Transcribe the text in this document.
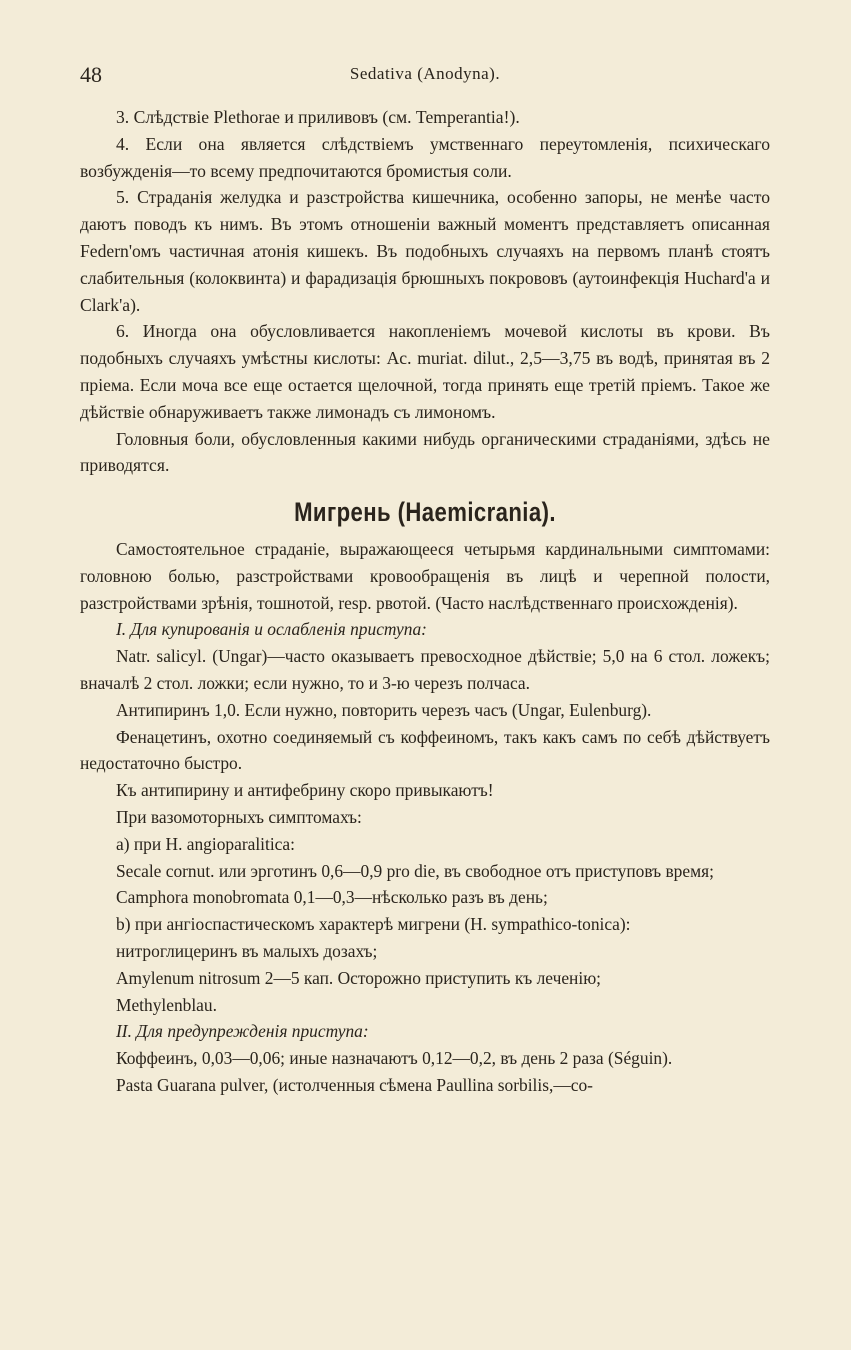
48	Sedativa (Anodyna).

3. Слѣдствіе Plethorae и приливовъ (см. Temperantia!).

4. Если она является слѣдствіемъ умственнаго переутомленія, психическаго возбужденія—то всему предпочитаются бромистыя соли.

5. Страданія желудка и разстройства кишечника, особенно запоры, не менѣе часто даютъ поводъ къ нимъ. Въ этомъ отношеніи важный моментъ представляетъ описанная Federn'омъ частичная атонія кишекъ. Въ подобныхъ случаяхъ на первомъ планѣ стоятъ слабительныя (колоквинта) и фарадизація брюшныхъ покрововъ (аутоинфекція Huchard'a и Clark'a).

6. Иногда она обусловливается накопленіемъ мочевой кислоты въ крови. Въ подобныхъ случаяхъ умѣстны кислоты: Ac. muriat. dilut., 2,5—3,75 въ водѣ, принятая въ 2 пріема. Если моча все еще остается щелочной, тогда принять еще третій пріемъ. Такое же дѣйствіе обнаруживаетъ также лимонадъ съ лимономъ.

Головныя боли, обусловленныя какими нибудь органическими страданіями, здѣсь не приводятся.

Мигрень (Haemicrania).

Самостоятельное страданіе, выражающееся четырьмя кардинальными симптомами: головною болью, разстройствами кровообращенія въ лицѣ и черепной полости, разстройствами зрѣнія, тошнотой, resp. рвотой. (Часто наслѣдственнаго происхожденія).

I. Для купированія и ослабленія приступа:

Natr. salicyl. (Ungar)—часто оказываетъ превосходное дѣйствіе; 5,0 на 6 стол. ложекъ; вначалѣ 2 стол. ложки; если нужно, то и 3-ю черезъ полчаса.

Антипиринъ 1,0. Если нужно, повторить черезъ часъ (Ungar, Eulenburg).

Фенацетинъ, охотно соединяемый съ коффеиномъ, такъ какъ самъ по себѣ дѣйствуетъ недостаточно быстро.

Къ антипирину и антифебрину скоро привыкаютъ!

При вазомоторныхъ симптомахъ:

a) при H. angioparalitica:

Secale cornut. или эрготинъ 0,6—0,9 pro die, въ свободное отъ приступовъ время;

Camphora monobromata 0,1—0,3—нѣсколько разъ въ день;

b) при ангіоспастическомъ характерѣ мигрени (H. sympathico-tonica):

нитроглицеринъ въ малыхъ дозахъ;

Amylenum nitrosum 2—5 кап. Осторожно приступить къ леченію;

Methylenblau.

II. Для предупрежденія приступа:

Коффеинъ, 0,03—0,06; иные назначаютъ 0,12—0,2, въ день 2 раза (Séguin).

Pasta Guarana pulver, (истолченныя сѣмена Paullina sorbilis,—со-
